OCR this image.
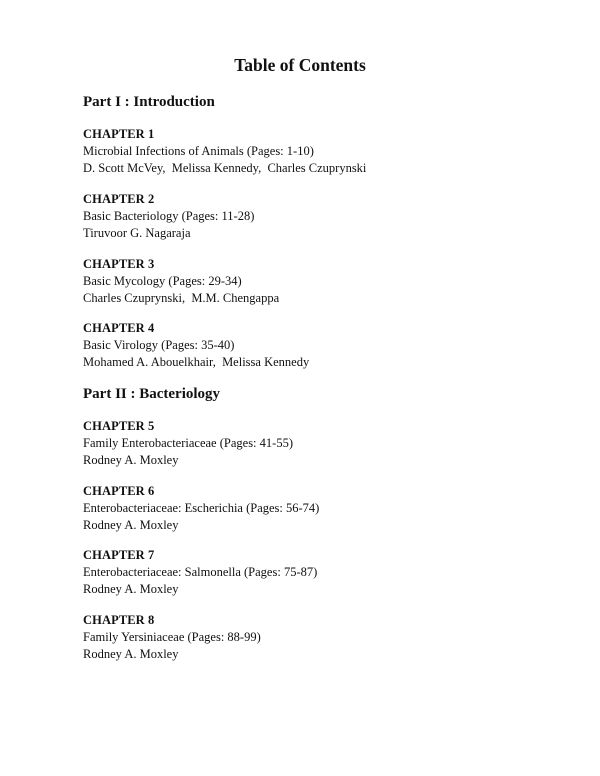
Table of Contents
Part I : Introduction
CHAPTER 1
Microbial Infections of Animals (Pages: 1-10)
D. Scott McVey,  Melissa Kennedy,  Charles Czuprynski
CHAPTER 2
Basic Bacteriology (Pages: 11-28)
Tiruvoor G. Nagaraja
CHAPTER 3
Basic Mycology (Pages: 29-34)
Charles Czuprynski,  M.M. Chengappa
CHAPTER 4
Basic Virology (Pages: 35-40)
Mohamed A. Abouelkhair,  Melissa Kennedy
Part II : Bacteriology
CHAPTER 5
Family Enterobacteriaceae (Pages: 41-55)
Rodney A. Moxley
CHAPTER 6
Enterobacteriaceae: Escherichia (Pages: 56-74)
Rodney A. Moxley
CHAPTER 7
Enterobacteriaceae: Salmonella (Pages: 75-87)
Rodney A. Moxley
CHAPTER 8
Family Yersiniaceae (Pages: 88-99)
Rodney A. Moxley
